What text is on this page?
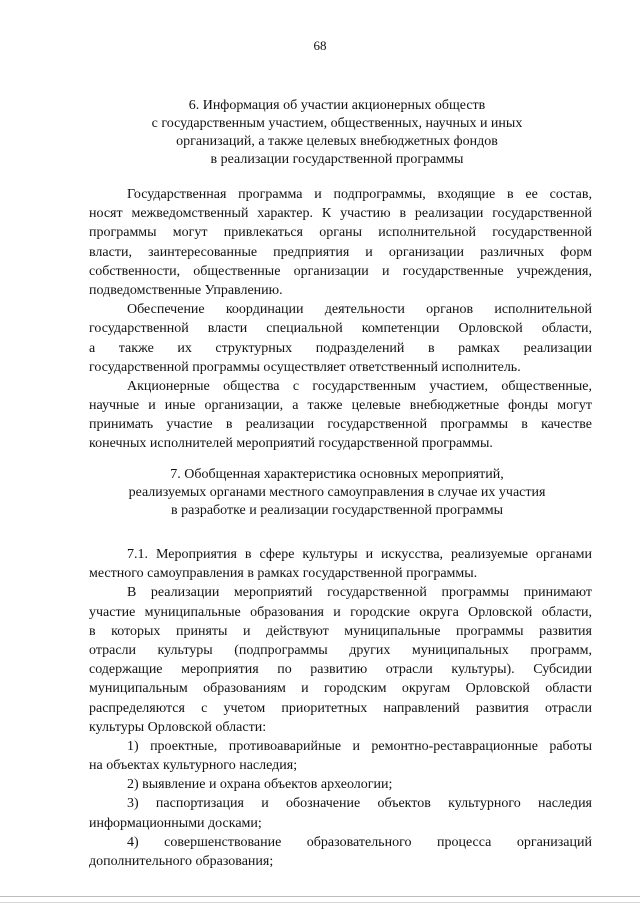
68
6. Информация об участии акционерных обществ
с государственным участием, общественных, научных и иных
организаций, а также целевых внебюджетных фондов
в реализации государственной программы
Государственная программа и подпрограммы, входящие в ее состав,
носят межведомственный характер. К участию в реализации государственной
программы могут привлекаться органы исполнительной государственной
власти, заинтересованные предприятия и организации различных форм
собственности, общественные организации и государственные учреждения,
подведомственные Управлению.
Обеспечение координации деятельности органов исполнительной
государственной власти специальной компетенции Орловской области,
а также их структурных подразделений в рамках реализации
государственной программы осуществляет ответственный исполнитель.
Акционерные общества с государственным участием, общественные,
научные и иные организации, а также целевые внебюджетные фонды могут
принимать участие в реализации государственной программы в качестве
конечных исполнителей мероприятий государственной программы.
7. Обобщенная характеристика основных мероприятий,
реализуемых органами местного самоуправления в случае их участия
в разработке и реализации государственной программы
7.1. Мероприятия в сфере культуры и искусства, реализуемые органами
местного самоуправления в рамках государственной программы.
В реализации мероприятий государственной программы принимают
участие муниципальные образования и городские округа Орловской области,
в которых приняты и действуют муниципальные программы развития
отрасли культуры (подпрограммы других муниципальных программ,
содержащие мероприятия по развитию отрасли культуры). Субсидии
муниципальным образованиям и городским округам Орловской области
распределяются с учетом приоритетных направлений развития отрасли
культуры Орловской области:
1) проектные, противоаварийные и ремонтно-реставрационные работы
на объектах культурного наследия;
2) выявление и охрана объектов археологии;
3) паспортизация и обозначение объектов культурного наследия
информационными досками;
4) совершенствование образовательного процесса организаций
дополнительного образования;
